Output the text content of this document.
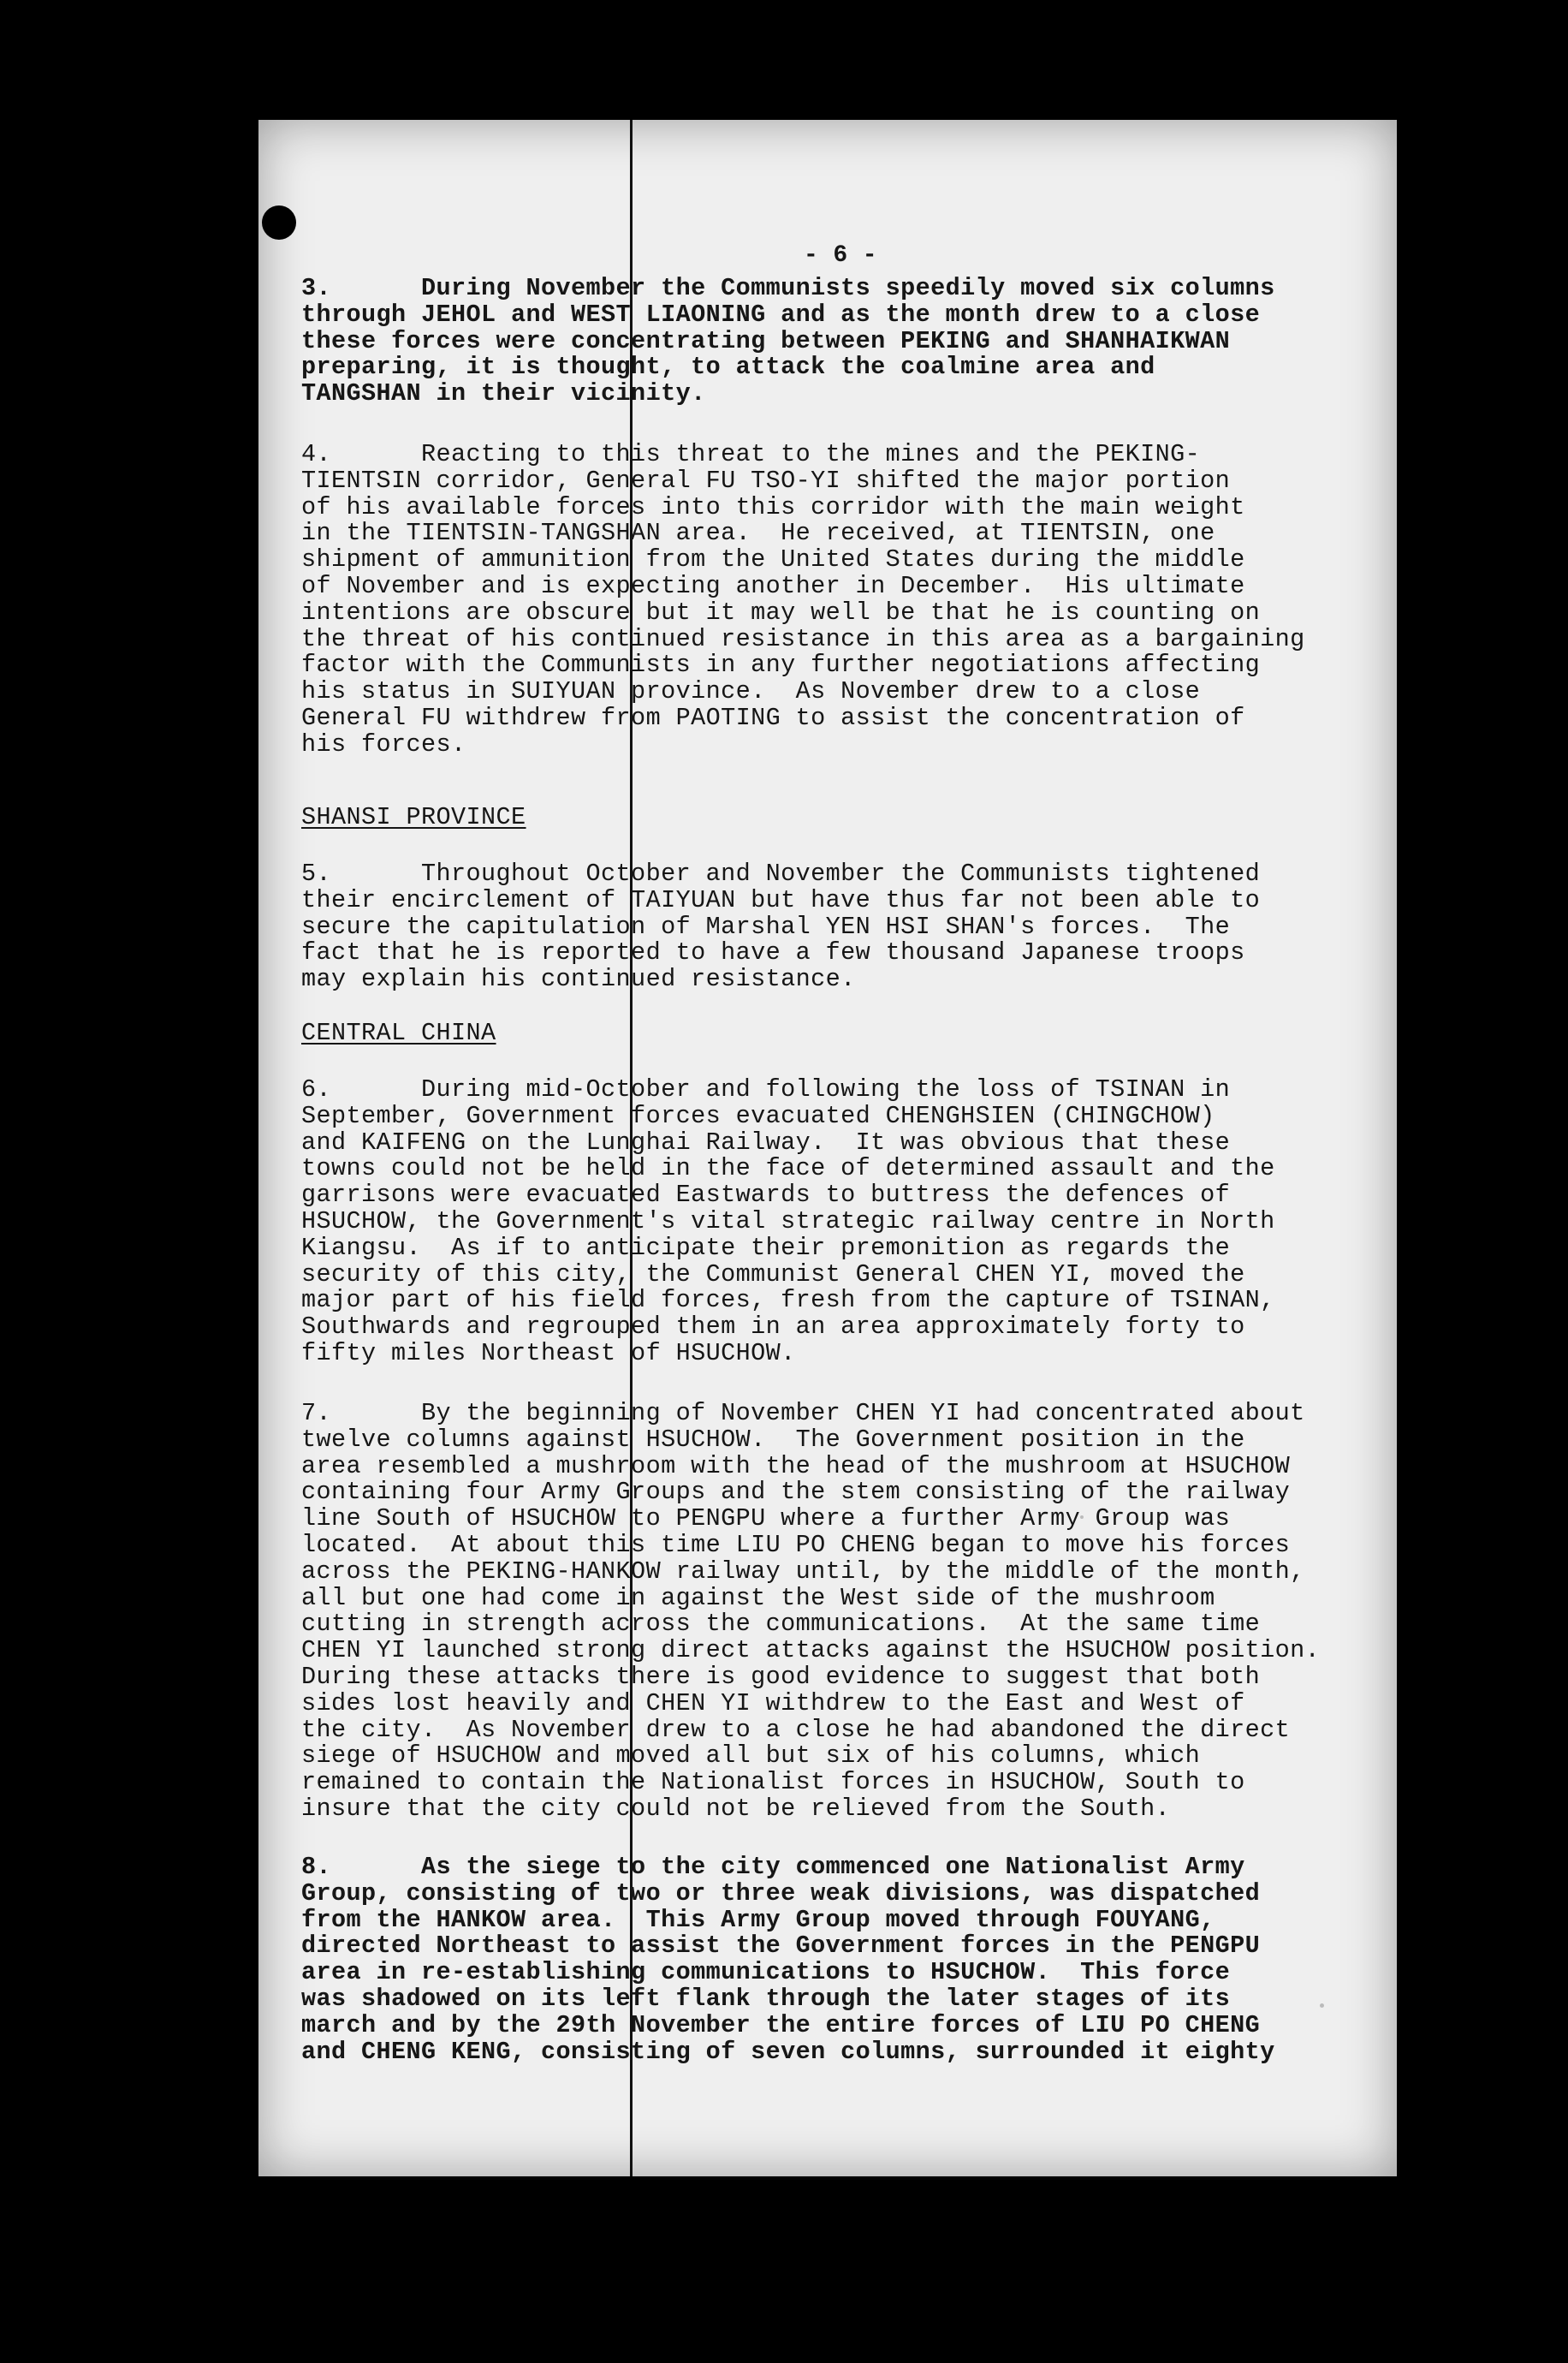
- 6 -

3.      During November the Communists speedily moved six columns

through JEHOL and WEST LIAONING and as the month drew to a close

these forces were concentrating between PEKING and SHANHAIKWAN

preparing, it is thought, to attack the coalmine area and

TANGSHAN in their vicinity.

4.      Reacting to this threat to the mines and the PEKING-

TIENTSIN corridor, General FU TSO-YI shifted the major portion

of his available forces into this corridor with the main weight

in the TIENTSIN-TANGSHAN area.  He received, at TIENTSIN, one

shipment of ammunition from the United States during the middle

of November and is expecting another in December.  His ultimate

intentions are obscure but it may well be that he is counting on

the threat of his continued resistance in this area as a bargaining

factor with the Communists in any further negotiations affecting

his status in SUIYUAN province.  As November drew to a close

General FU withdrew from PAOTING to assist the concentration of

his forces.

SHANSI PROVINCE

5.      Throughout October and November the Communists tightened

their encirclement of TAIYUAN but have thus far not been able to

secure the capitulation of Marshal YEN HSI SHAN's forces.  The

fact that he is reported to have a few thousand Japanese troops

may explain his continued resistance.

CENTRAL CHINA

6.      During mid-October and following the loss of TSINAN in

September, Government forces evacuated CHENGHSIEN (CHINGCHOW)

and KAIFENG on the Lunghai Railway.  It was obvious that these

towns could not be held in the face of determined assault and the

garrisons were evacuated Eastwards to buttress the defences of

HSUCHOW, the Government's vital strategic railway centre in North

Kiangsu.  As if to anticipate their premonition as regards the

security of this city, the Communist General CHEN YI, moved the

major part of his field forces, fresh from the capture of TSINAN,

Southwards and regrouped them in an area approximately forty to

fifty miles Northeast of HSUCHOW.

7.      By the beginning of November CHEN YI had concentrated about

twelve columns against HSUCHOW.  The Government position in the

area resembled a mushroom with the head of the mushroom at HSUCHOW

containing four Army Groups and the stem consisting of the railway

line South of HSUCHOW to PENGPU where a further Army Group was

located.  At about this time LIU PO CHENG began to move his forces

across the PEKING-HANKOW railway until, by the middle of the month,

all but one had come in against the West side of the mushroom

cutting in strength across the communications.  At the same time

CHEN YI launched strong direct attacks against the HSUCHOW position.

During these attacks there is good evidence to suggest that both

sides lost heavily and CHEN YI withdrew to the East and West of

the city.  As November drew to a close he had abandoned the direct

siege of HSUCHOW and moved all but six of his columns, which

remained to contain the Nationalist forces in HSUCHOW, South to

insure that the city could not be relieved from the South.

8.      As the siege to the city commenced one Nationalist Army

Group, consisting of two or three weak divisions, was dispatched

from the HANKOW area.  This Army Group moved through FOUYANG,

directed Northeast to assist the Government forces in the PENGPU

area in re-establishing communications to HSUCHOW.  This force

was shadowed on its left flank through the later stages of its

march and by the 29th November the entire forces of LIU PO CHENG

and CHENG KENG, consisting of seven columns, surrounded it eighty
